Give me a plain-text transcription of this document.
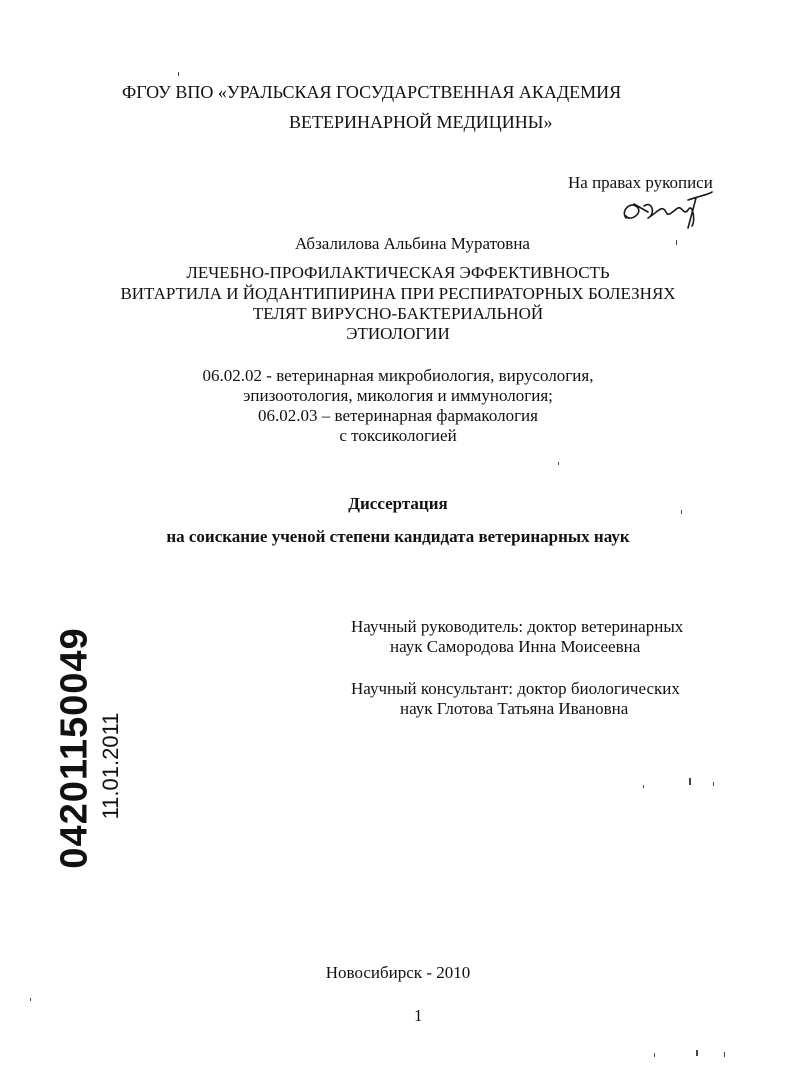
ФГОУ ВПО «УРАЛЬСКАЯ ГОСУДАРСТВЕННАЯ АКАДЕМИЯ
ВЕТЕРИНАРНОЙ МЕДИЦИНЫ»
На правах рукописи
Абзалилова Альбина Муратовна
ЛЕЧЕБНО-ПРОФИЛАКТИЧЕСКАЯ ЭФФЕКТИВНОСТЬ
ВИТАРТИЛА И ЙОДАНТИПИРИНА ПРИ РЕСПИРАТОРНЫХ БОЛЕЗНЯХ
ТЕЛЯТ ВИРУСНО-БАКТЕРИАЛЬНОЙ
ЭТИОЛОГИИ
06.02.02 - ветеринарная микробиология, вирусология,
эпизоотология, микология и иммунология;
06.02.03 – ветеринарная фармакология
с токсикологией
Диссертация
на соискание ученой степени кандидата ветеринарных наук
Научный руководитель: доктор ветеринарных
наук Самородова Инна Моисеевна
Научный консультант: доктор биологических
наук Глотова Татьяна Ивановна
04201150049 11.01.2011
Новосибирск - 2010
1
